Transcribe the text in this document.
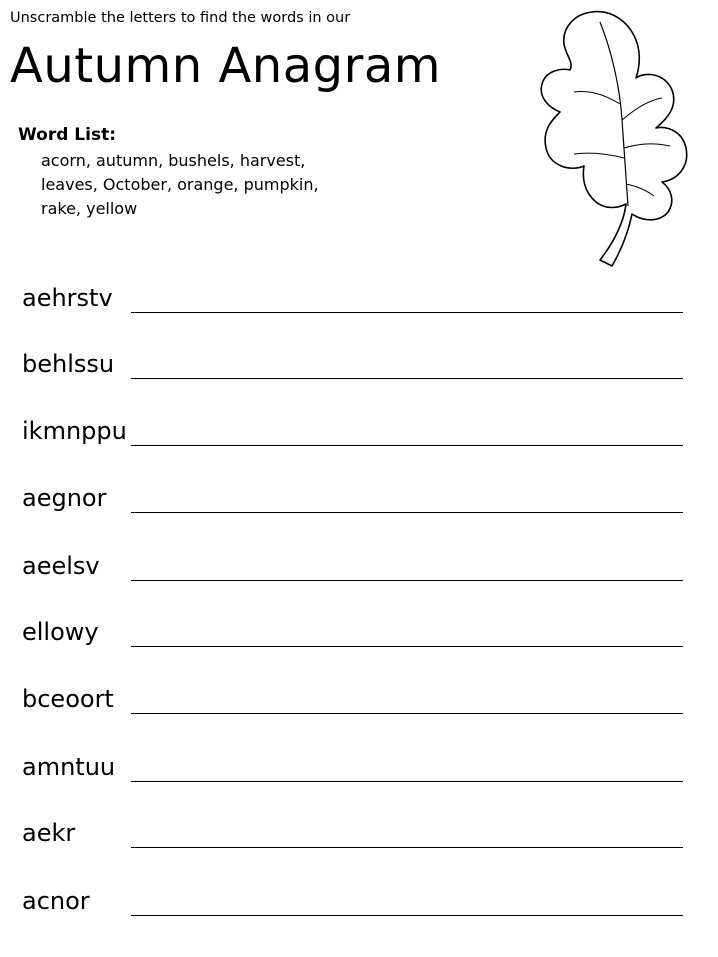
Unscramble the letters to find the words in our
Autumn Anagram
Word List:
acorn, autumn, bushels, harvest,
leaves, October, orange, pumpkin,
rake, yellow
aehrstv
behlssu
ikmnppu
aegnor
aeelsv
ellowy
bceoort
amntuu
aekr
acnor
